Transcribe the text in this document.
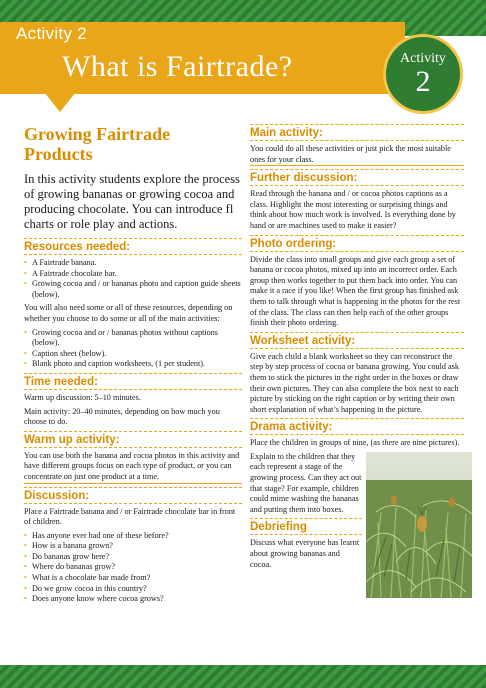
Activity 2
What is Fairtrade?	Activity
2
Growing Fairtrade Products

In this activity students explore the process of growing bananas or growing cocoa and producing chocolate. You can introduce fl charts or role play and actions.

Resources needed:
• A Fairtrade banana.
• A Fairtrade chocolate bar.
• Growing cocoa and / or bananas photo and caption guide sheets (below).

You will also need some or all of these resources, depending on whether you choose to do some or all of the main activities:

• Growing cocoa and or / bananas photos without captions (below).
• Caption sheet (below).
• Blank photo and caption worksheets, (1 per student).
Time needed:

Warm up discussion: 5–10 minutes.

Main activity: 20–40 minutes, depending on how much you choose to do.

Warm up activity:

You can use both the banana and cocoa photos in this activity and have different groups focus on each type of product, or you can concentrate on just one product at a time.

Discussion:

Place a Fairtrade banana and / or Fairtrade chocolate bar in front of children.

• Has anyone ever had one of these before?
• How is a banana grown?
• Do bananas grow here?
• Where do bananas grow?
• What is a chocolate bar made from?
• Do we grow cocoa in this country?
• Does anyone know where cocoa grows?
Main activity:

You could do all these activities or just pick the most suitable ones for your class.

Further discussion:

Read through the banana and / or cocoa photos captions as a class. Highlight the most interesting or surprising things and think about how much work is involved. Is everything done by hand or are machines used to make it easier?

Photo ordering:

Divide the class into small groups and give each group a set of banana or cocoa photos, mixed up into an incorrect order. Each group then works together to put them back into order. You can make it a race if you like! When the first group has finished ask them to talk through what is happening in the photos for the rest of the class. The class can then help each of the other groups finish their photo ordering.

Worksheet activity:

Give each child a blank worksheet so they can reconstruct the step by step process of cocoa or banana growing. You could ask them to stick the pictures in the right order in the boxes or draw their own pictures. They can also complete the box next to each picture by sticking on the right caption or by writing their own short explanation of what’s happening in the picture.

Drama activity:

Place the children in groups of nine, (as there are nine pictures).

Explain to the children that they each represent a stage of the growing process. Can they act out that stage? For example, children could mime washing the bananas and putting them into boxes.

Debriefing

Discuss what everyone has learnt about growing bananas and cocoa.
